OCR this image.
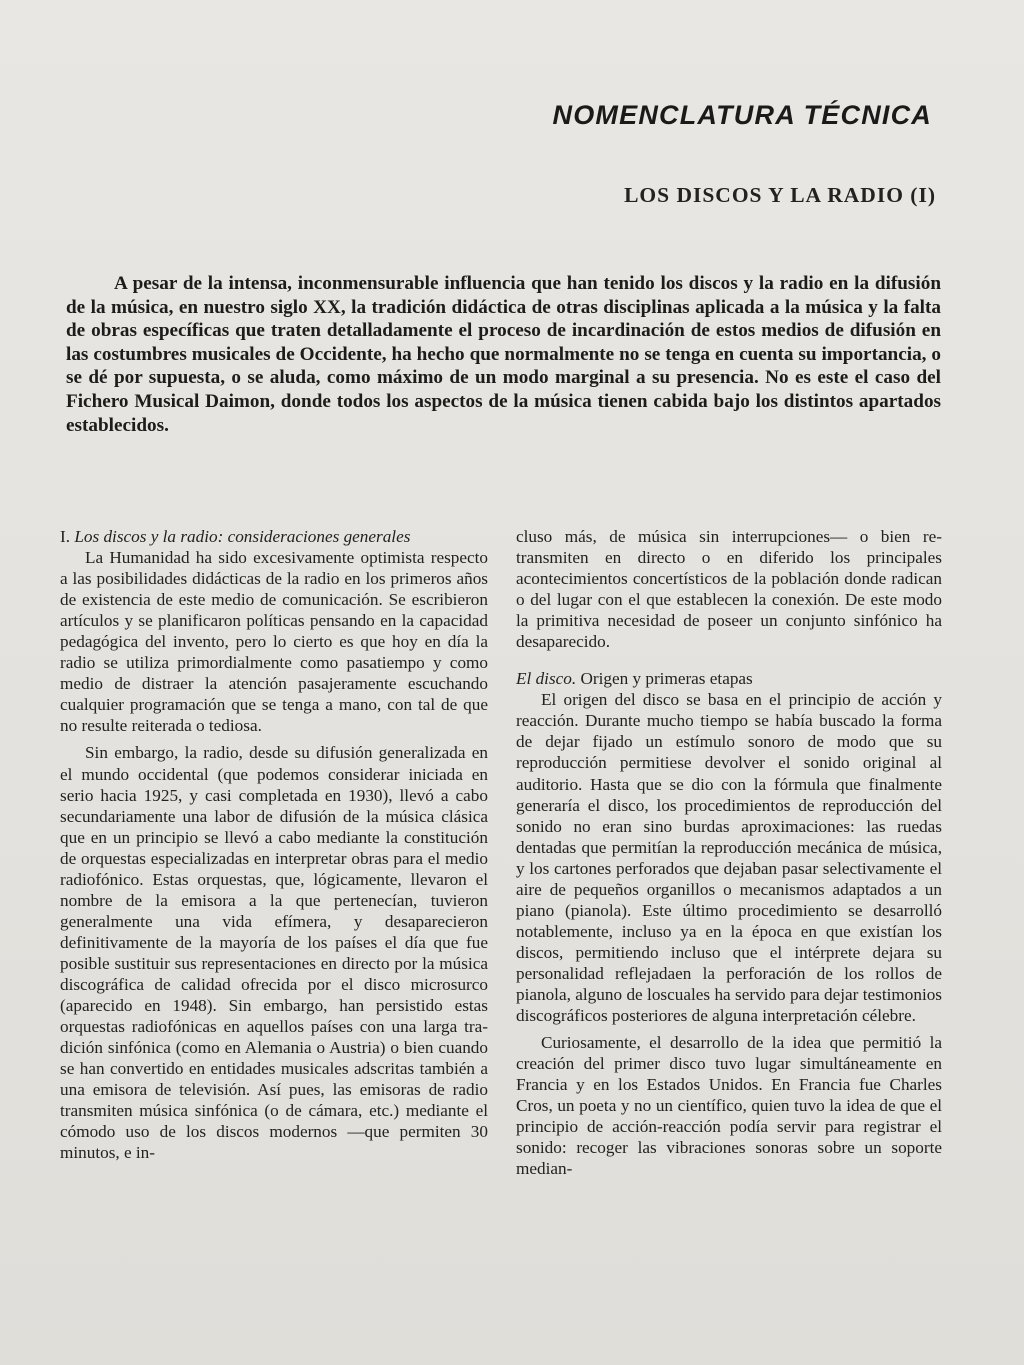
NOMENCLATURA TÉCNICA
LOS DISCOS Y LA RADIO (I)

A pesar de la intensa, inconmensurable influencia que han tenido los discos y la radio en la difusión de la música, en nuestro siglo XX, la tradición didáctica de otras disciplinas aplicada a la música y la falta de obras específicas que traten detalladamente el proceso de incardinación de estos medios de difusión en las costumbres musicales de Occidente, ha hecho que normalmente no se tenga en cuenta su importancia, o se dé por supuesta, o se aluda, como máximo de un modo marginal a su presencia. No es este el caso del Fichero Musical Daimon, donde todos los aspectos de la música tienen cabida bajo los distintos apartados establecidos.

I. Los discos y la radio: consideraciones generales

La Humanidad ha sido excesivamente optimista respecto a las posibilidades didácticas de la radio en los primeros años de existencia de este medio de comunicación. Se escribieron artículos y se planificaron políticas pensando en la capacidad pedagógica del invento, pero lo cierto es que hoy en día la radio se utiliza primordialmente como pasatiempo y como medio de distraer la atención pasajeramente escuchando cualquier programación que se tenga a mano, con tal de que no resulte reiterada o tediosa.

Sin embargo, la radio, desde su difusión generalizada en el mundo occidental (que podemos considerar iniciada en serio hacia 1925, y casi completada en 1930), llevó a cabo secundariamente una labor de difusión de la música clásica que en un principio se llevó a cabo mediante la constitución de orquestas especializadas en interpretar obras para el medio radiofónico. Estas orquestas, que, lógicamente, llevaron el nombre de la emisora a la que pertenecían, tuvieron generalmente una vida efímera, y desaparecieron definitivamente de la mayoría de los países el día que fue posible sustituir sus representaciones en directo por la música discográfica de calidad ofrecida por el disco microsurco (aparecido en 1948). Sin embargo, han persistido estas orquestas radiofónicas en aquellos países con una larga tradición sinfónica (como en Alemania o Austria) o bien cuando se han convertido en entidades musicales adscritas también a una emisora de televisión. Así pues, las emisoras de radio transmiten música sinfónica (o de cámara, etc.) mediante el cómodo uso de los discos modernos —que permiten 30 minutos, e in-

cluso más, de música sin interrupciones— o bien retransmiten en directo o en diferido los principales acontecimientos concertísticos de la población donde radican o del lugar con el que establecen la conexión. De este modo la primitiva necesidad de poseer un conjunto sinfónico ha desaparecido.

El disco. Origen y primeras etapas

El origen del disco se basa en el principio de acción y reacción. Durante mucho tiempo se había buscado la forma de dejar fijado un estímulo sonoro de modo que su reproducción permitiese devolver el sonido original al auditorio. Hasta que se dio con la fórmula que finalmente generaría el disco, los procedimientos de reproducción del sonido no eran sino burdas aproximaciones: las ruedas dentadas que permitían la reproducción mecánica de música, y los cartones perforados que dejaban pasar selectivamente el aire de pequeños organillos o mecanismos adaptados a un piano (pianola). Este último procedimiento se desarrolló notablemente, incluso ya en la época en que existían los discos, permitiendo incluso que el intérprete dejara su personalidad reflejadaen la perforación de los rollos de pianola, alguno de loscuales ha servido para dejar testimonios discográficos posteriores de alguna interpretación célebre.

Curiosamente, el desarrollo de la idea que permitió la creación del primer disco tuvo lugar simultáneamente en Francia y en los Estados Unidos. En Francia fue Charles Cros, un poeta y no un científico, quien tuvo la idea de que el principio de acción-reacción podía servir para registrar el sonido: recoger las vibraciones sonoras sobre un soporte median-
